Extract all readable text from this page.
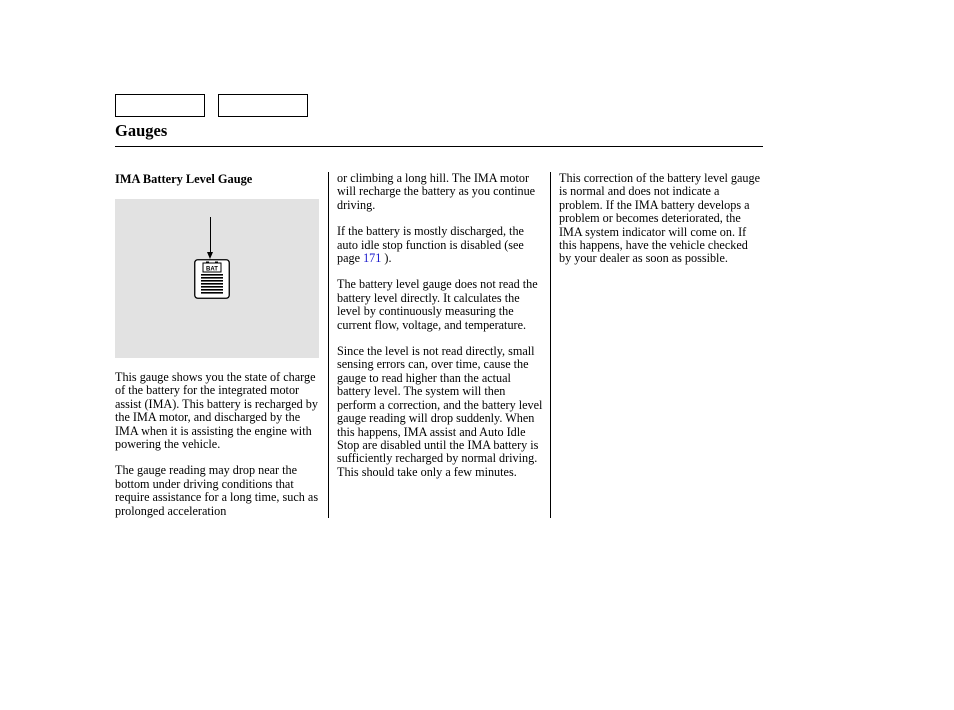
Gauges

IMA Battery Level Gauge

BAT

This gauge shows you the state of charge of the battery for the integrated motor assist (IMA). This battery is recharged by the IMA motor, and discharged by the IMA when it is assisting the engine with powering the vehicle.

The gauge reading may drop near the bottom under driving conditions that require assistance for a long time, such as prolonged acceleration

or climbing a long hill. The IMA motor will recharge the battery as you continue driving.

If the battery is mostly discharged, the auto idle stop function is disabled (see page 171 ).

The battery level gauge does not read the battery level directly. It calculates the level by continuously measuring the current flow, voltage, and temperature.

Since the level is not read directly, small sensing errors can, over time, cause the gauge to read higher than the actual battery level. The system will then perform a correction, and the battery level gauge reading will drop suddenly. When this happens, IMA assist and Auto Idle Stop are disabled until the IMA battery is sufficiently recharged by normal driving. This should take only a few minutes.

This correction of the battery level gauge is normal and does not indicate a problem. If the IMA battery develops a problem or becomes deteriorated, the IMA system indicator will come on. If this happens, have the vehicle checked by your dealer as soon as possible.
